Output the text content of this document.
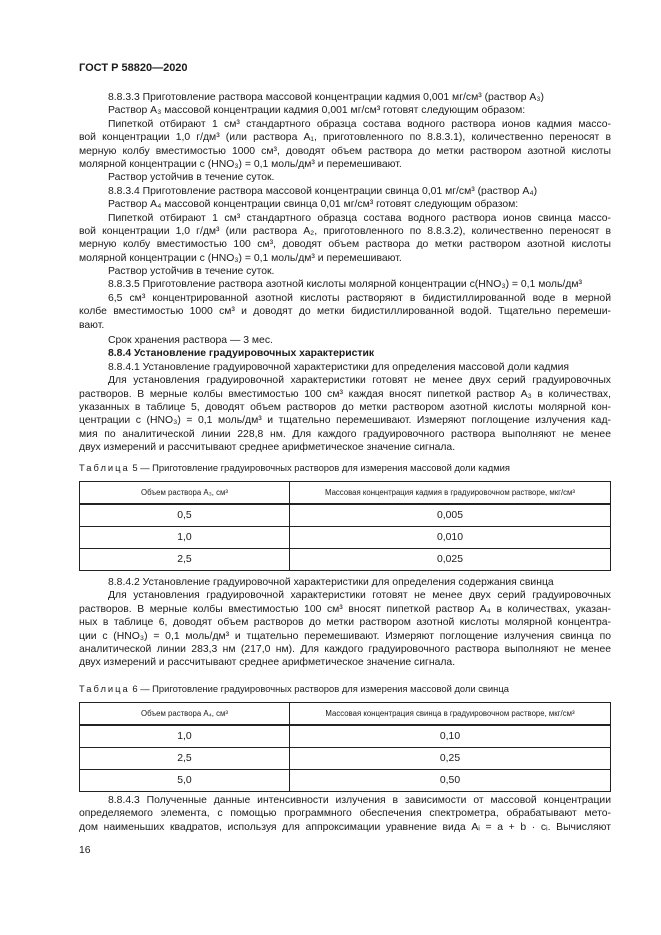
ГОСТ Р 58820—2020
8.8.3.3 Приготовление раствора массовой концентрации кадмия 0,001 мг/см³ (раствор A₃)
Раствор A₃ массовой концентрации кадмия 0,001 мг/см³ готовят следующим образом:
Пипеткой отбирают 1 см³ стандартного образца состава водного раствора ионов кадмия массо-
вой концентрации 1,0 г/дм³ (или раствора A₁, приготовленного по 8.8.3.1), количественно переносят в
мерную колбу вместимостью 1000 см³, доводят объем раствора до метки раствором азотной кислоты
молярной концентрации c (HNO₃) = 0,1 моль/дм³ и перемешивают.
Раствор устойчив в течение суток.
8.8.3.4 Приготовление раствора массовой концентрации свинца 0,01 мг/см³ (раствор A₄)
Раствор A₄ массовой концентрации свинца 0,01 мг/см³ готовят следующим образом:
Пипеткой отбирают 1 см³ стандартного образца состава водного раствора ионов свинца массо-
вой концентрации 1,0 г/дм³ (или раствора A₂, приготовленного по 8.8.3.2), количественно переносят в
мерную колбу вместимостью 100 см³, доводят объем раствора до метки раствором азотной кислоты
молярной концентрации c (HNO₃) = 0,1 моль/дм³ и перемешивают.
Раствор устойчив в течение суток.
8.8.3.5 Приготовление раствора азотной кислоты молярной концентрации c(HNO₃) = 0,1 моль/дм³
6,5 см³ концентрированной азотной кислоты растворяют в бидистиллированной воде в мерной
колбе вместимостью 1000 см³ и доводят до метки бидистиллированной водой. Тщательно перемеши-
вают.
Срок хранения раствора — 3 мес.
8.8.4 Установление градуировочных характеристик
8.8.4.1 Установление градуировочной характеристики для определения массовой доли кадмия
Для установления градуировочной характеристики готовят не менее двух серий градуировочных
растворов. В мерные колбы вместимостью 100 см³ каждая вносят пипеткой раствор A₃ в количествах,
указанных в таблице 5, доводят объем растворов до метки раствором азотной кислоты молярной кон-
центрации c (HNO₃) = 0,1 моль/дм³ и тщательно перемешивают. Измеряют поглощение излучения кад-
мия по аналитической линии 228,8 нм. Для каждого градуировочного раствора выполняют не менее
двух измерений и рассчитывают среднее арифметическое значение сигнала.
Таблица 5 — Приготовление градуировочных растворов для измерения массовой доли кадмия
Объем раствора A₃, см³	Массовая концентрация кадмия в градуировочном растворе, мкг/см³
0,5	0,005
1,0	0,010
2,5	0,025
8.8.4.2 Установление градуировочной характеристики для определения содержания свинца
Для установления градуировочной характеристики готовят не менее двух серий градуировочных
растворов. В мерные колбы вместимостью 100 см³ вносят пипеткой раствор A₄ в количествах, указан-
ных в таблице 6, доводят объем растворов до метки раствором азотной кислоты молярной концентра-
ции c (HNO₃) = 0,1 моль/дм³ и тщательно перемешивают. Измеряют поглощение излучения свинца по
аналитической линии 283,3 нм (217,0 нм). Для каждого градуировочного раствора выполняют не менее
двух измерений и рассчитывают среднее арифметическое значение сигнала.
Таблица 6 — Приготовление градуировочных растворов для измерения массовой доли свинца
Объем раствора A₄, см³	Массовая концентрация свинца в градуировочном растворе, мкг/см³
1,0	0,10
2,5	0,25
5,0	0,50
8.8.4.3 Полученные данные интенсивности излучения в зависимости от массовой концентрации
определяемого элемента, с помощью программного обеспечения спектрометра, обрабатывают мето-
дом наименьших квадратов, используя для аппроксимации уравнение вида Aᵢ = a + b · cᵢ. Вычисляют
16
